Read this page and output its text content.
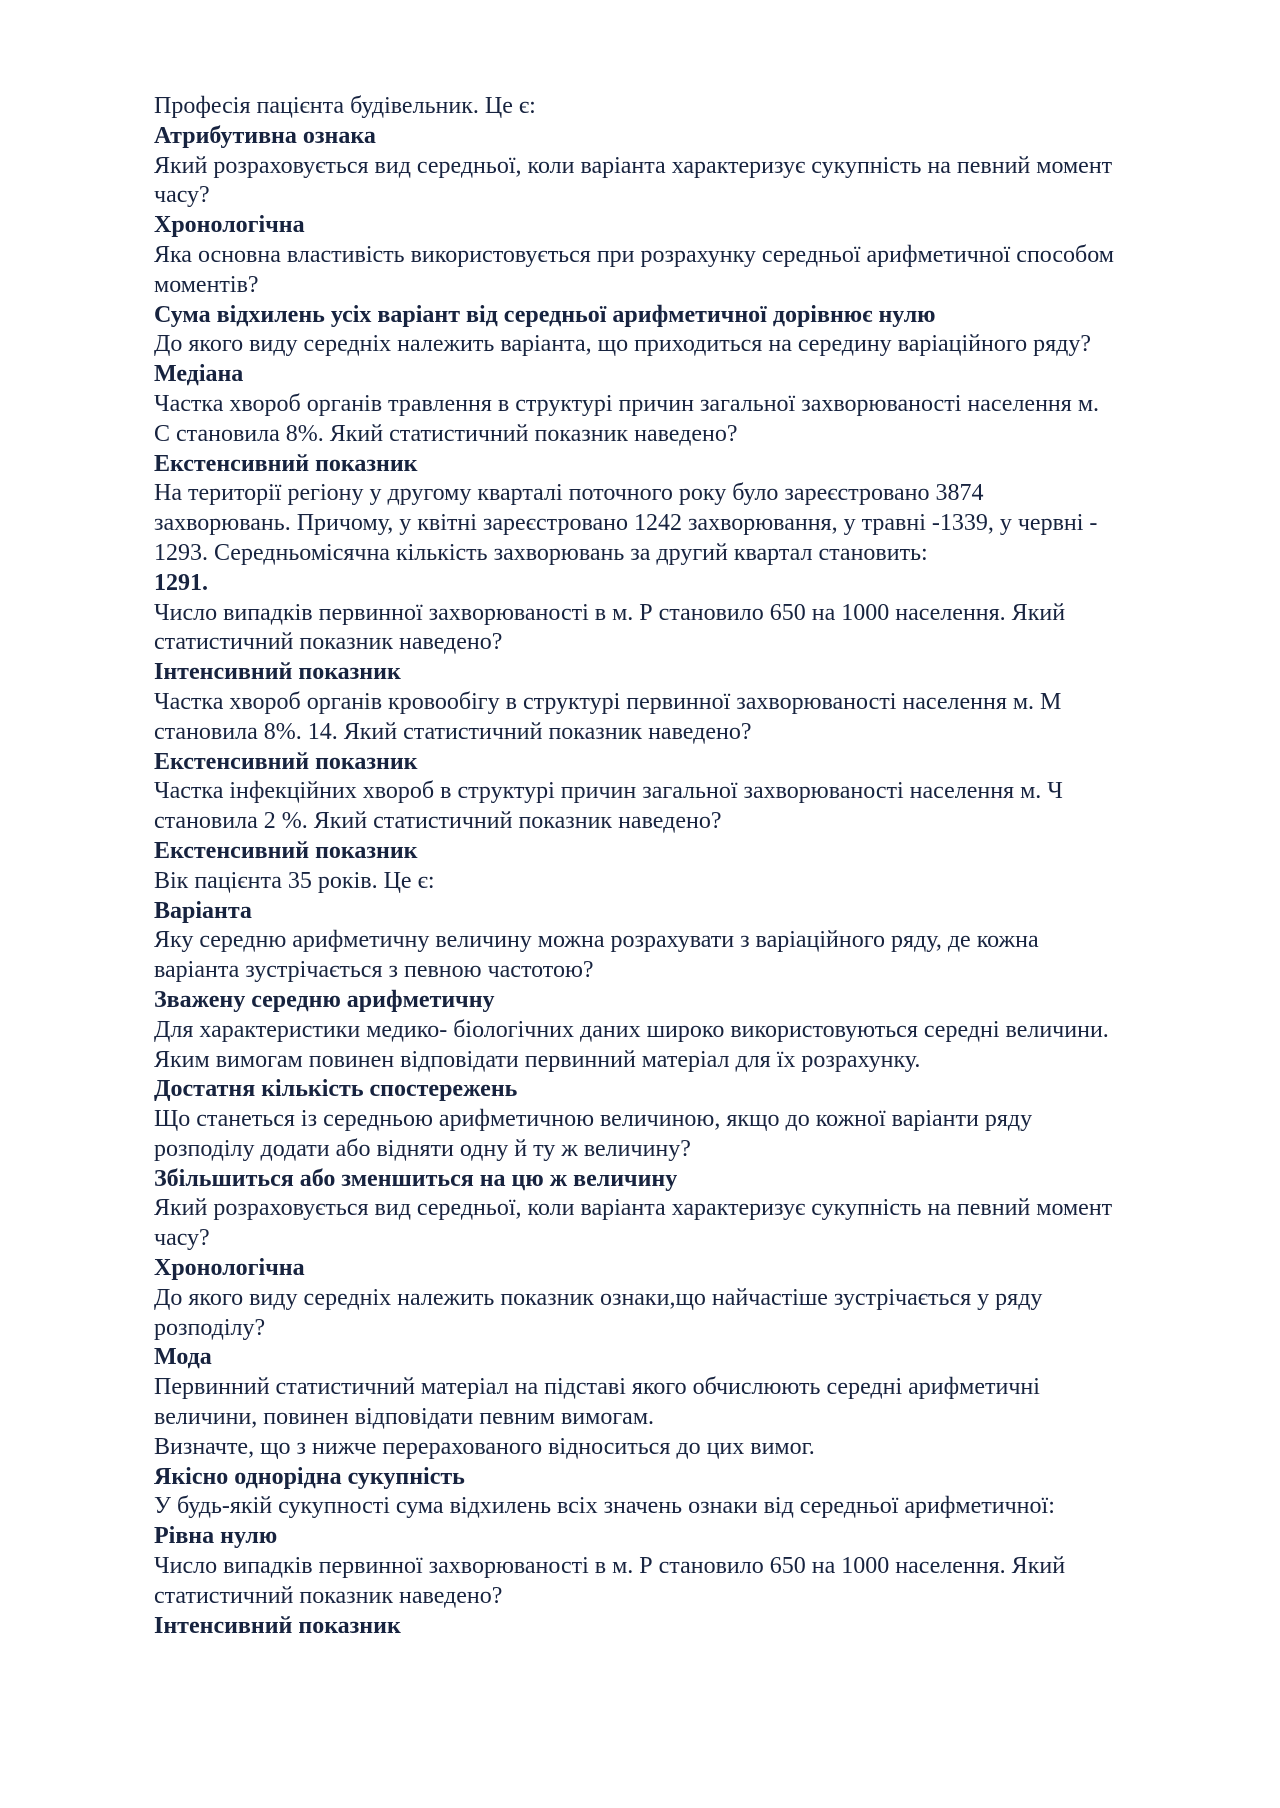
Професія пацієнта будівельник. Це є:
Атрибутивна ознака
Який розраховується вид середньої, коли варіанта характеризує сукупність на певний момент
часу?
Хронологічна
Яка основна властивість використовується при розрахунку середньої арифметичної способом
моментів?
Сума відхилень усіх варіант від середньої арифметичної дорівнює нулю
До якого виду середніх належить варіанта, що приходиться на середину варіаційного ряду?
Медіана
Частка хвороб органів травлення в структурі причин загальної захворюваності населення м.
С становила 8%. Який статистичний показник наведено?
Екстенсивний показник
На території регіону у другому кварталі поточного року було зареєстровано 3874
захворювань. Причому, у квітні зареєстровано 1242 захворювання, у травні -1339, у червні -
1293. Середньомісячна кількість захворювань за другий квартал становить:
1291.
Число випадків первинної захворюваності в м. Р становило 650 на 1000 населення. Який
статистичний показник наведено?
Інтенсивний показник
Частка хвороб органів кровообігу в структурі первинної захворюваності населення м. М
становила 8%. 14. Який статистичний показник наведено?
Екстенсивний показник
Частка інфекційних хвороб в структурі причин загальної захворюваності населення м. Ч
становила 2 %. Який статистичний показник наведено?
Екстенсивний показник
Вік пацієнта 35 років. Це є:
Варіанта
Яку середню арифметичну величину можна розрахувати з варіаційного ряду, де кожна
варіанта зустрічається з певною частотою?
Зважену середню арифметичну
Для характеристики медико- біологічних даних широко використовуються середні величини.
Яким вимогам повинен відповідати первинний матеріал для їх розрахунку.
Достатня кількість спостережень
Що станеться із середньою арифметичною величиною, якщо до кожної варіанти ряду
розподілу додати або відняти одну й ту ж величину?
Збільшиться або зменшиться на цю ж величину
Який розраховується вид середньої, коли варіанта характеризує сукупність на певний момент
часу?
Хронологічна
До якого виду середніх належить показник ознаки,що найчастіше зустрічається у ряду
розподілу?
Мода
Первинний статистичний матеріал на підставі якого обчислюють середні арифметичні
величини, повинен відповідати певним вимогам.
Визначте, що з нижче перерахованого відноситься до цих вимог.
Якісно однорідна сукупність
У будь-якій сукупності сума відхилень всіх значень ознаки від середньої арифметичної:
Рівна нулю
Число випадків первинної захворюваності в м. Р становило 650 на 1000 населення. Який
статистичний показник наведено?
Інтенсивний показник
